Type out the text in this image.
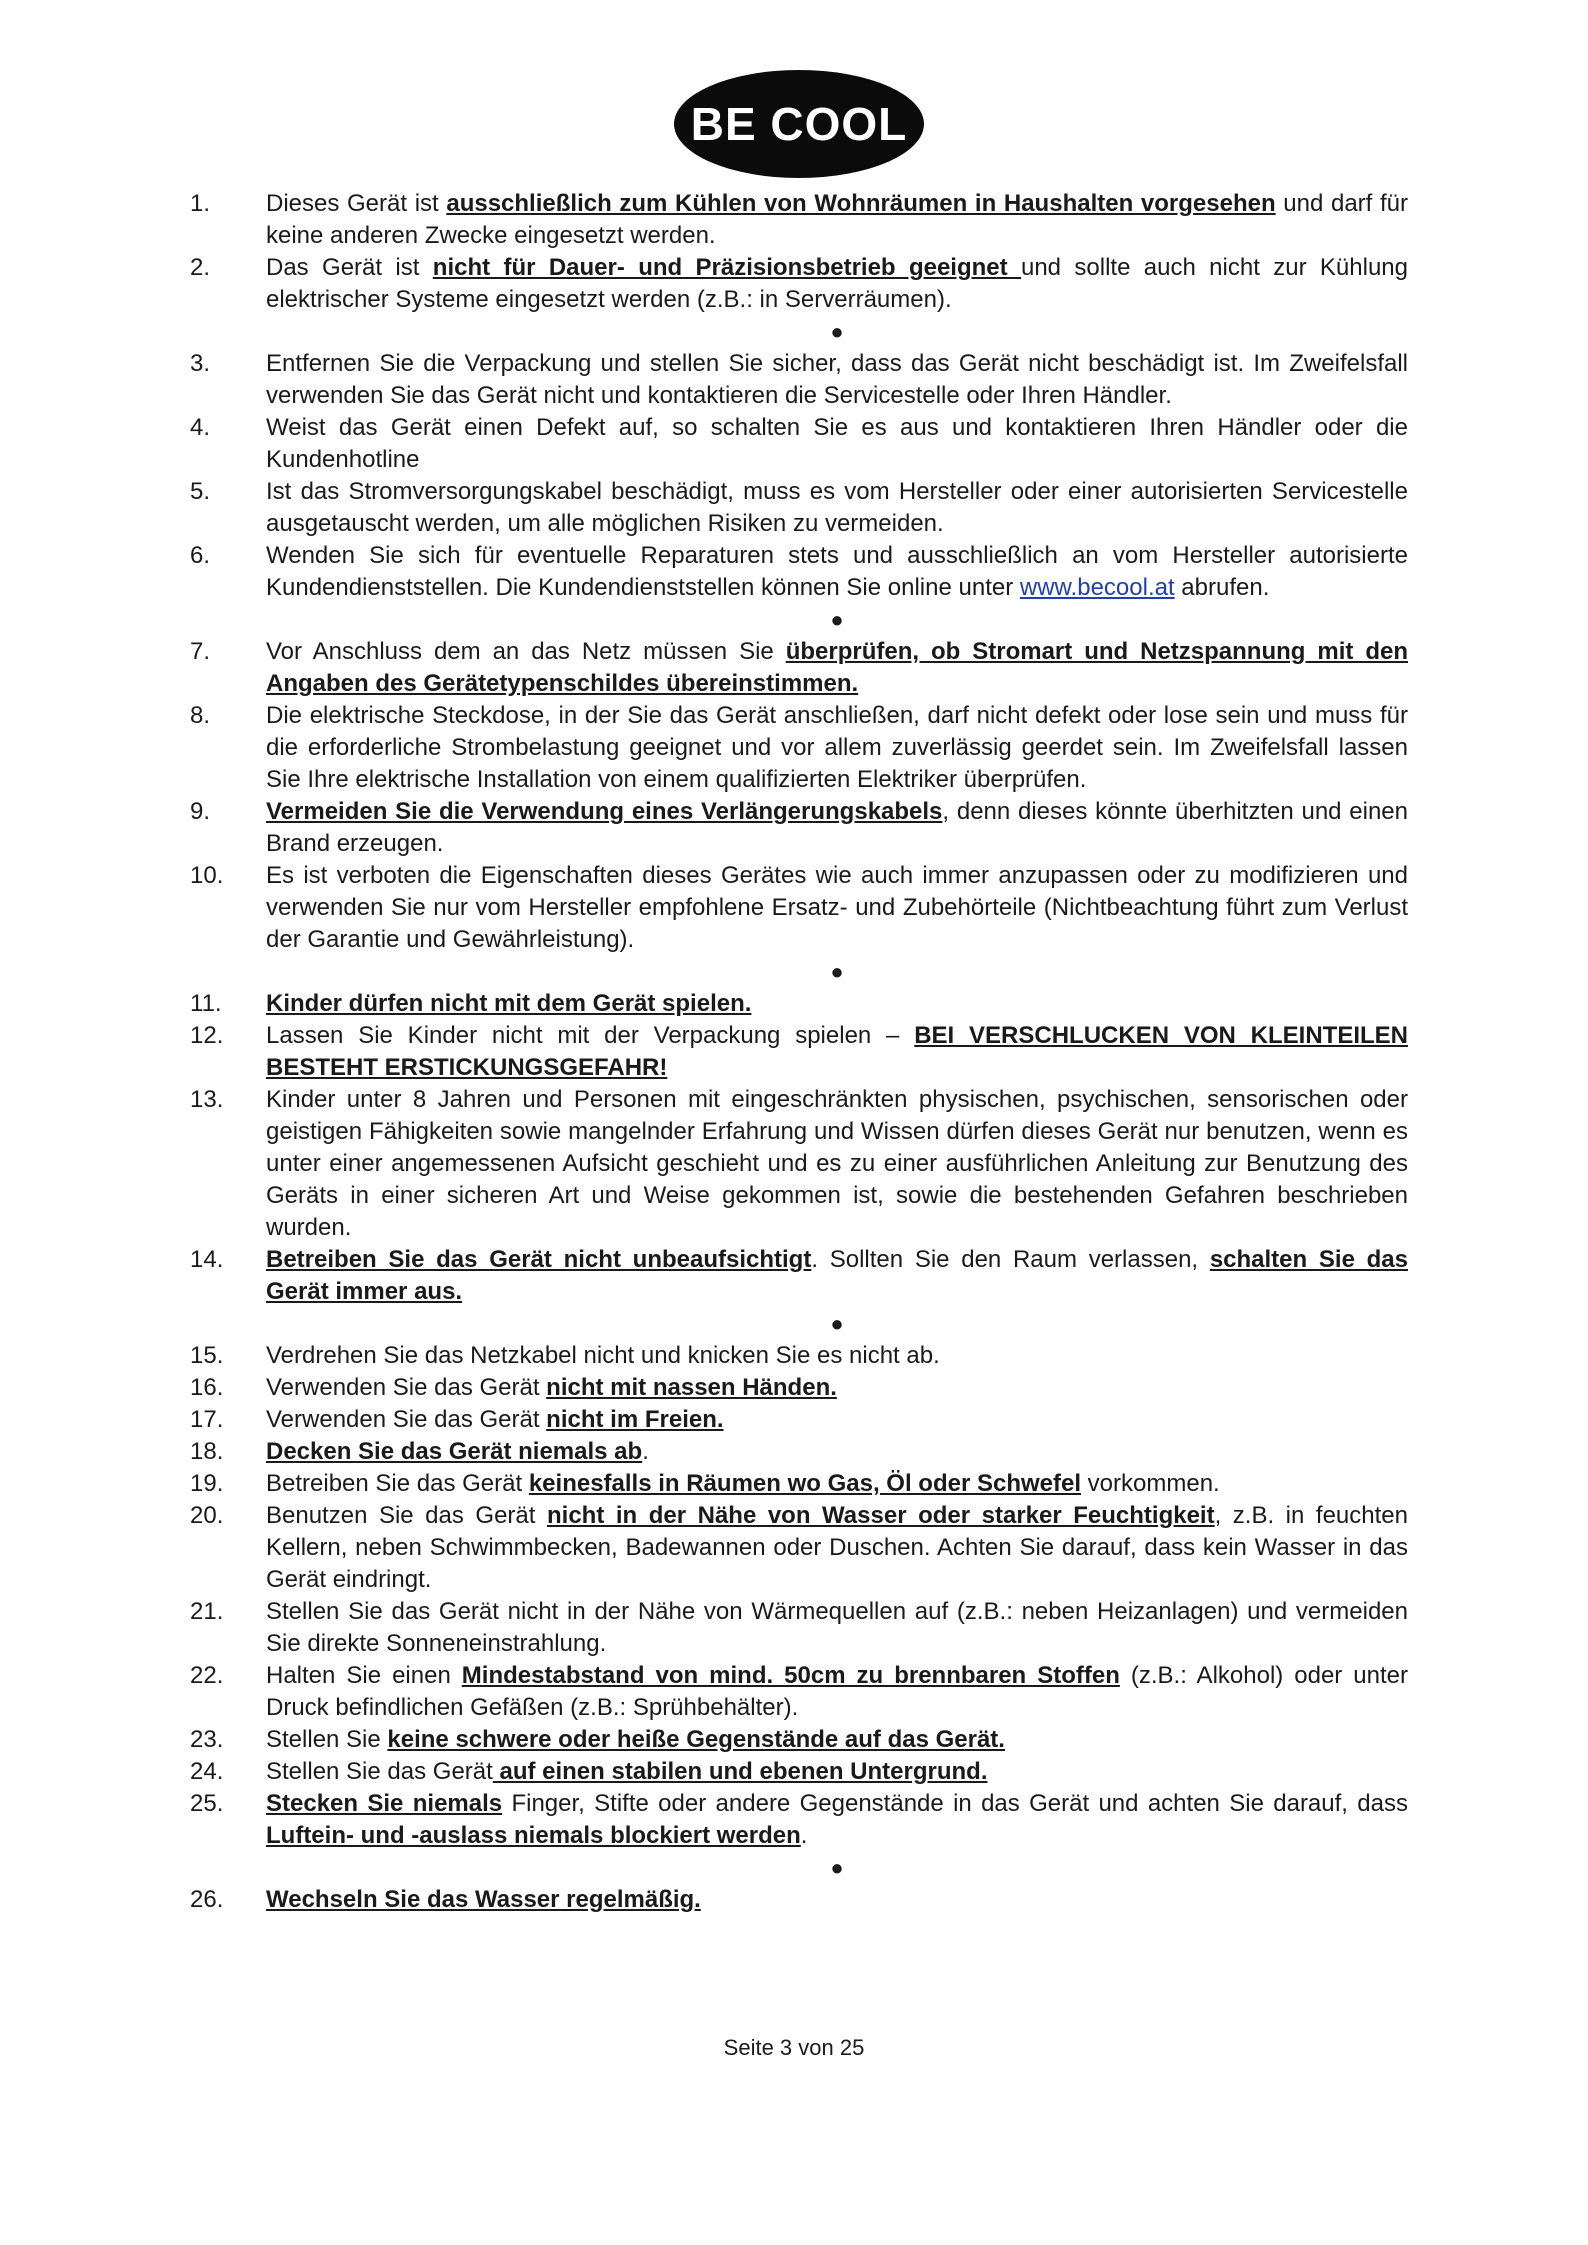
BE COOL
1.	Dieses Gerät ist ausschließlich zum Kühlen von Wohnräumen in Haushalten vorgesehen und darf für keine anderen Zwecke eingesetzt werden.
2.	Das Gerät ist nicht für Dauer- und Präzisionsbetrieb geeignet und sollte auch nicht zur Kühlung elektrischer Systeme eingesetzt werden (z.B.: in Serverräumen).
●
3.	Entfernen Sie die Verpackung und stellen Sie sicher, dass das Gerät nicht beschädigt ist. Im Zweifelsfall verwenden Sie das Gerät nicht und kontaktieren die Servicestelle oder Ihren Händler.
4.	Weist das Gerät einen Defekt auf, so schalten Sie es aus und kontaktieren Ihren Händler oder die Kundenhotline
5.	Ist das Stromversorgungskabel beschädigt, muss es vom Hersteller oder einer autorisierten Servicestelle ausgetauscht werden, um alle möglichen Risiken zu vermeiden.
6.	Wenden Sie sich für eventuelle Reparaturen stets und ausschließlich an vom Hersteller autorisierte Kundendienststellen. Die Kundendienststellen können Sie online unter www.becool.at abrufen.
●
7.	Vor Anschluss dem an das Netz müssen Sie überprüfen, ob Stromart und Netzspannung mit den Angaben des Gerätetypenschildes übereinstimmen.
8.	Die elektrische Steckdose, in der Sie das Gerät anschließen, darf nicht defekt oder lose sein und muss für die erforderliche Strombelastung geeignet und vor allem zuverlässig geerdet sein. Im Zweifelsfall lassen Sie Ihre elektrische Installation von einem qualifizierten Elektriker überprüfen.
9.	Vermeiden Sie die Verwendung eines Verlängerungskabels, denn dieses könnte überhitzten und einen Brand erzeugen.
10.	Es ist verboten die Eigenschaften dieses Gerätes wie auch immer anzupassen oder zu modifizieren und verwenden Sie nur vom Hersteller empfohlene Ersatz- und Zubehörteile (Nichtbeachtung führt zum Verlust der Garantie und Gewährleistung).
●
11.	Kinder dürfen nicht mit dem Gerät spielen.
12.	Lassen Sie Kinder nicht mit der Verpackung spielen – BEI VERSCHLUCKEN VON KLEINTEILEN BESTEHT ERSTICKUNGSGEFAHR!
13.	Kinder unter 8 Jahren und Personen mit eingeschränkten physischen, psychischen, sensorischen oder geistigen Fähigkeiten sowie mangelnder Erfahrung und Wissen dürfen dieses Gerät nur benutzen, wenn es unter einer angemessenen Aufsicht geschieht und es zu einer ausführlichen Anleitung zur Benutzung des Geräts in einer sicheren Art und Weise gekommen ist, sowie die bestehenden Gefahren beschrieben wurden.
14.	Betreiben Sie das Gerät nicht unbeaufsichtigt. Sollten Sie den Raum verlassen, schalten Sie das Gerät immer aus.
●
15.	Verdrehen Sie das Netzkabel nicht und knicken Sie es nicht ab.
16.	Verwenden Sie das Gerät nicht mit nassen Händen.
17.	Verwenden Sie das Gerät nicht im Freien.
18.	Decken Sie das Gerät niemals ab.
19.	Betreiben Sie das Gerät keinesfalls in Räumen wo Gas, Öl oder Schwefel vorkommen.
20.	Benutzen Sie das Gerät nicht in der Nähe von Wasser oder starker Feuchtigkeit, z.B. in feuchten Kellern, neben Schwimmbecken, Badewannen oder Duschen. Achten Sie darauf, dass kein Wasser in das Gerät eindringt.
21.	Stellen Sie das Gerät nicht in der Nähe von Wärmequellen auf (z.B.: neben Heizanlagen) und vermeiden Sie direkte Sonneneinstrahlung.
22.	Halten Sie einen Mindestabstand von mind. 50cm zu brennbaren Stoffen (z.B.: Alkohol) oder unter Druck befindlichen Gefäßen (z.B.: Sprühbehälter).
23.	Stellen Sie keine schwere oder heiße Gegenstände auf das Gerät.
24.	Stellen Sie das Gerät auf einen stabilen und ebenen Untergrund.
25.	Stecken Sie niemals Finger, Stifte oder andere Gegenstände in das Gerät und achten Sie darauf, dass Luftein- und -auslass niemals blockiert werden.
●
26.	Wechseln Sie das Wasser regelmäßig.
Seite 3 von 25
